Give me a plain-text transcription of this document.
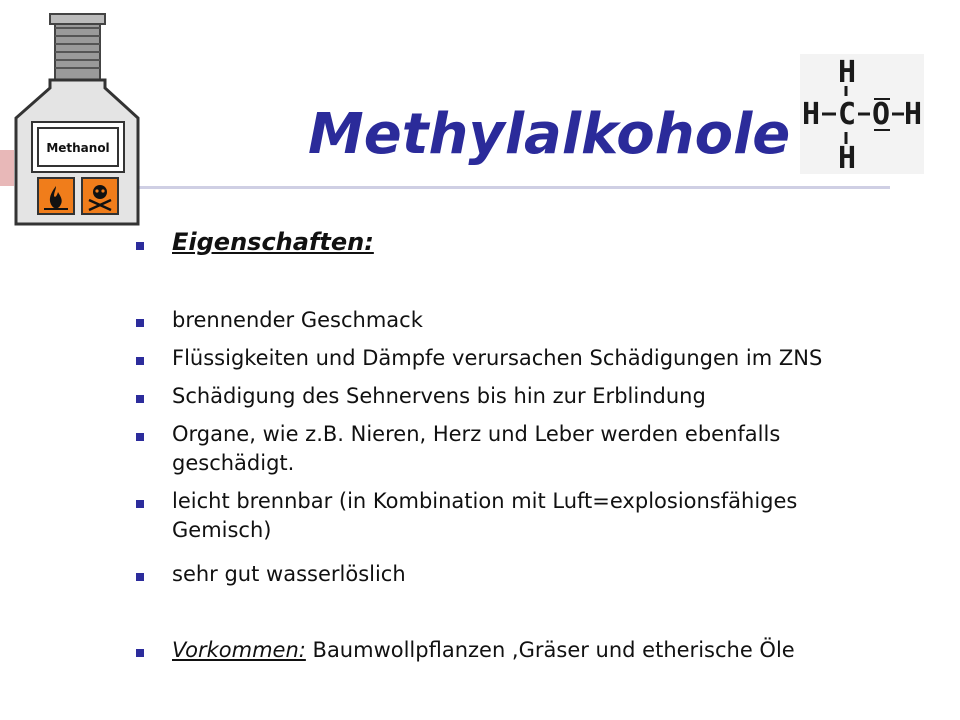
Methanol	Methylalkohole
H
H C O H
H
Eigenschaften:
brennender Geschmack
Flüssigkeiten und Dämpfe verursachen Schädigungen im ZNS
Schädigung des Sehnervens bis hin zur Erblindung
Organe, wie z.B. Nieren, Herz und Leber werden ebenfalls geschädigt.
leicht brennbar (in Kombination mit Luft=explosionsfähiges Gemisch)
sehr gut wasserlöslich
Vorkommen: Baumwollpflanzen ,Gräser und etherische Öle
